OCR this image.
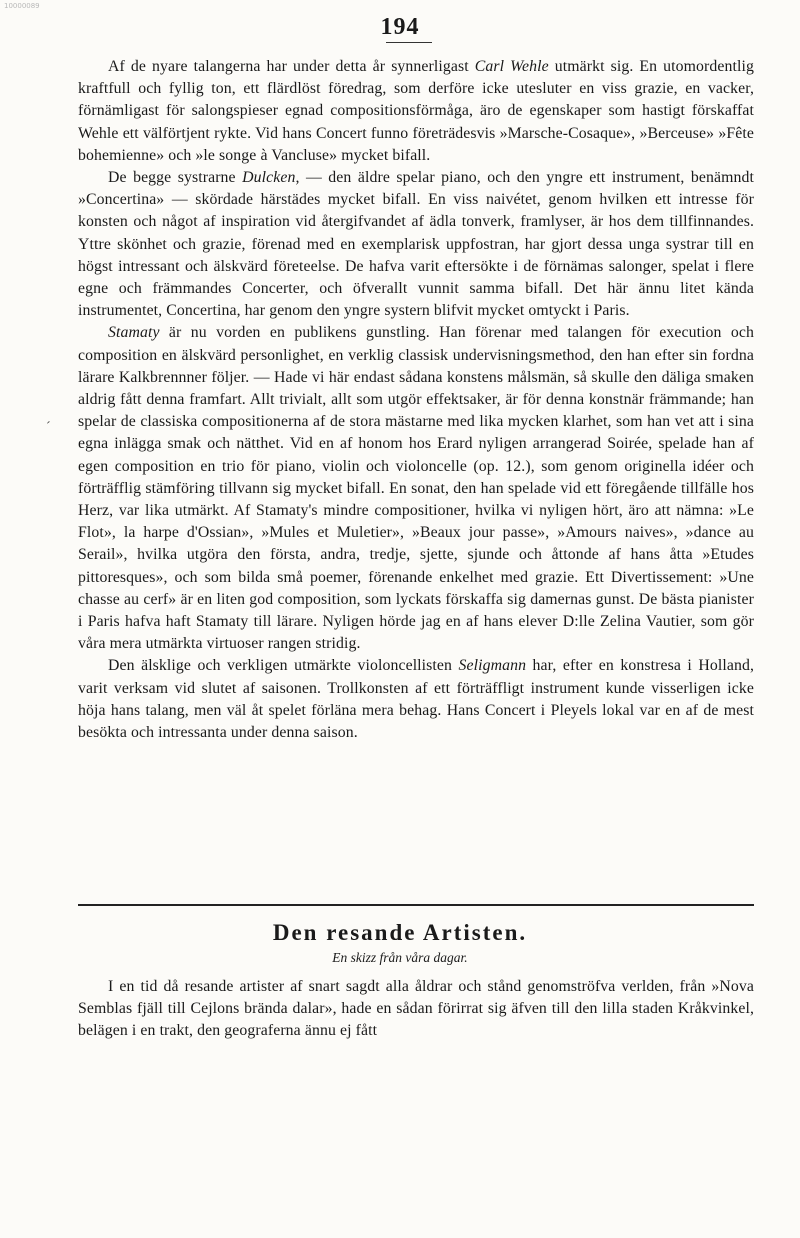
10000089
194
´

Af de nyare talangerna har under detta år synnerligast Carl Wehle utmärkt sig. En utomordentlig kraftfull och fyllig ton, ett flärdlöst föredrag, som derföre icke utesluter en viss grazie, en vacker, förnämligast för salongspieser egnad compositionsförmåga, äro de egenskaper som hastigt förskaffat Wehle ett välförtjent rykte. Vid hans Concert funno företrädesvis »Marsche-Cosaque», »Berceuse» »Fête bohemienne» och »le songe à Vancluse» mycket bifall.

De begge systrarne Dulcken, — den äldre spelar piano, och den yngre ett instrument, benämndt »Concertina» — skördade härstädes mycket bifall. En viss naivétet, genom hvilken ett intresse för konsten och något af inspiration vid återgifvandet af ädla tonverk, framlyser, är hos dem tillfinnandes. Yttre skönhet och grazie, förenad med en exemplarisk uppfostran, har gjort dessa unga systrar till en högst intressant och älskvärd företeelse. De hafva varit eftersökte i de förnämas salonger, spelat i flere egne och främmandes Concerter, och öfverallt vunnit samma bifall. Det här ännu litet kända instrumentet, Concertina, har genom den yngre systern blifvit mycket omtyckt i Paris.

Stamaty är nu vorden en publikens gunstling. Han förenar med talangen för execution och composition en älskvärd personlighet, en verklig classisk undervisningsmethod, den han efter sin fordna lärare Kalkbrennner följer. — Hade vi här endast sådana konstens målsmän, så skulle den däliga smaken aldrig fått denna framfart. Allt trivialt, allt som utgör effektsaker, är för denna konstnär främmande; han spelar de classiska compositionerna af de stora mästarne med lika mycken klarhet, som han vet att i sina egna inlägga smak och nätthet. Vid en af honom hos Erard nyligen arrangerad Soirée, spelade han af egen composition en trio för piano, violin och violoncelle (op. 12.), som genom originella idéer och förträfflig stämföring tillvann sig mycket bifall. En sonat, den han spelade vid ett föregående tillfälle hos Herz, var lika utmärkt. Af Stamaty's mindre compositioner, hvilka vi nyligen hört, äro att nämna: »Le Flot», la harpe d'Ossian», »Mules et Muletier», »Beaux jour passe», »Amours naives», »dance au Serail», hvilka utgöra den första, andra, tredje, sjette, sjunde och åttonde af hans åtta »Etudes pittoresques», och som bilda små poemer, förenande enkelhet med grazie. Ett Divertissement: »Une chasse au cerf» är en liten god composition, som lyckats förskaffa sig damernas gunst. De bästa pianister i Paris hafva haft Stamaty till lärare. Nyligen hörde jag en af hans elever D:lle Zelina Vautier, som gör våra mera utmärkta virtuoser rangen stridig.

Den älsklige och verkligen utmärkte violoncellisten Seligmann har, efter en konstresa i Holland, varit verksam vid slutet af saisonen. Trollkonsten af ett förträffligt instrument kunde visserligen icke höja hans talang, men väl åt spelet förläna mera behag. Hans Concert i Pleyels lokal var en af de mest besökta och intressanta under denna saison.

Den resande Artisten.
En skizz från våra dagar.

I en tid då resande artister af snart sagdt alla åldrar och stånd genomströfva verlden, från »Nova Semblas fjäll till Cejlons brända dalar», hade en sådan förirrat sig äfven till den lilla staden Kråkvinkel, belägen i en trakt, den geograferna ännu ej fått
